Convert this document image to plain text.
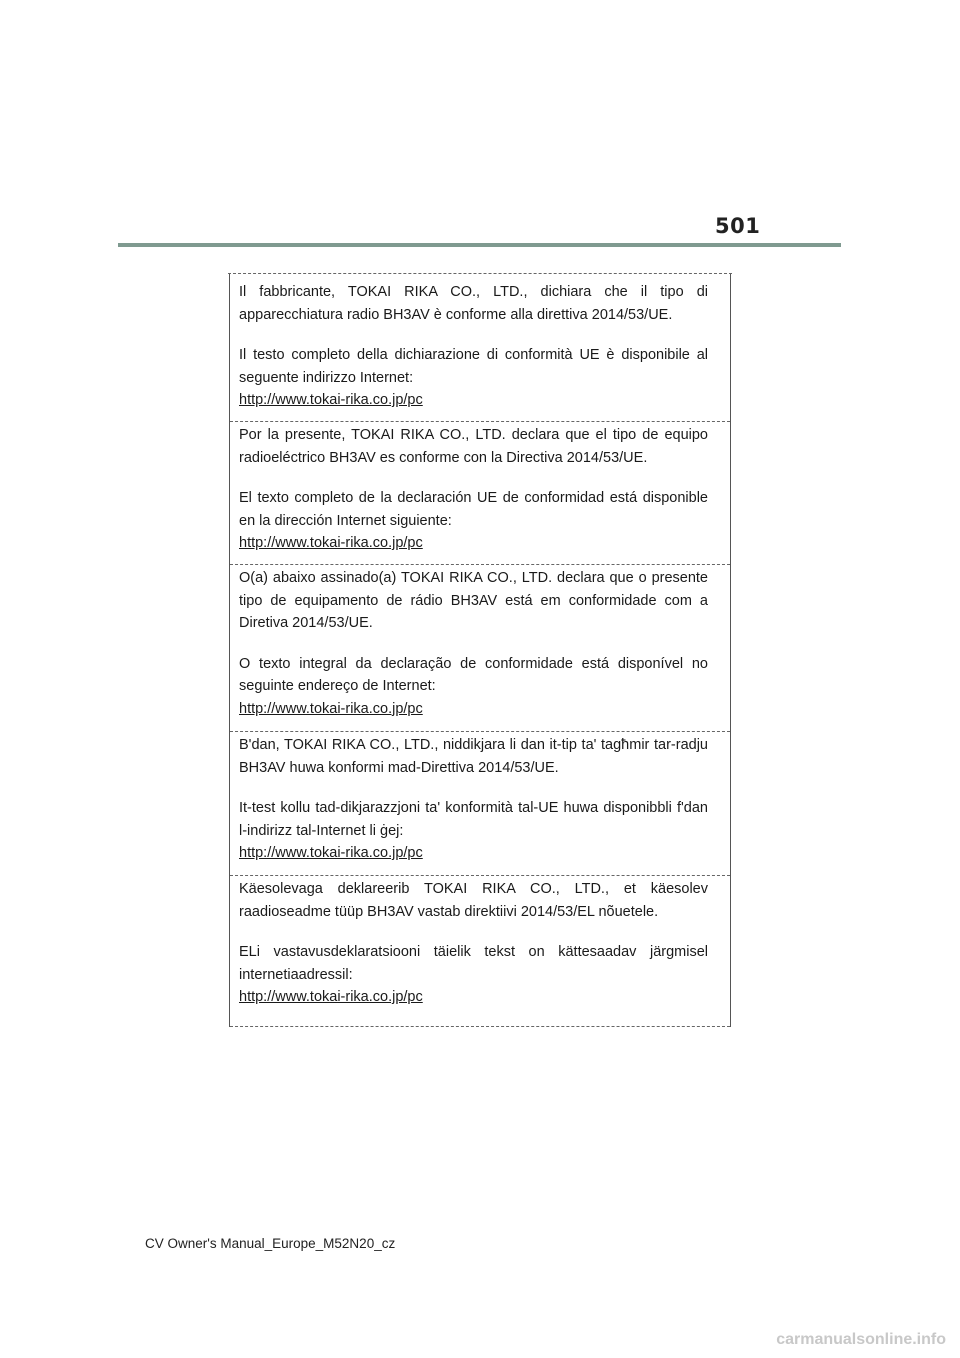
501

Il fabbricante, TOKAI RIKA CO., LTD., dichiara che il tipo di apparecchiatura radio BH3AV è conforme alla direttiva 2014/53/UE.

Il testo completo della dichiarazione di conformità UE è disponibile al seguente indirizzo Internet:

http://www.tokai-rika.co.jp/pc

Por la presente, TOKAI RIKA CO., LTD. declara que el tipo de equipo radioeléctrico BH3AV es conforme con la Directiva 2014/53/UE.

El texto completo de la declaración UE de conformidad está disponible en la dirección Internet siguiente:

http://www.tokai-rika.co.jp/pc

O(a) abaixo assinado(a) TOKAI RIKA CO., LTD. declara que o presente tipo de equipamento de rádio BH3AV está em conformidade com a Diretiva 2014/53/UE.

O texto integral da declaração de conformidade está disponível no seguinte endereço de Internet:

http://www.tokai-rika.co.jp/pc

B'dan, TOKAI RIKA CO., LTD., niddikjara li dan it-tip ta' tagħmir tar-radju BH3AV huwa konformi mad-Direttiva 2014/53/UE.

It-test kollu tad-dikjarazzjoni ta' konformità tal-UE huwa disponibbli f'dan l-indirizz tal-Internet li ġej:

http://www.tokai-rika.co.jp/pc

Käesolevaga deklareerib TOKAI RIKA CO., LTD., et käesolev raadioseadme tüüp BH3AV vastab direktiivi 2014/53/EL nõuetele.

ELi vastavusdeklaratsiooni täielik tekst on kättesaadav järgmisel internetiaadressil:

http://www.tokai-rika.co.jp/pc
CV Owner's Manual_Europe_M52N20_cz
carmanualsonline.info
